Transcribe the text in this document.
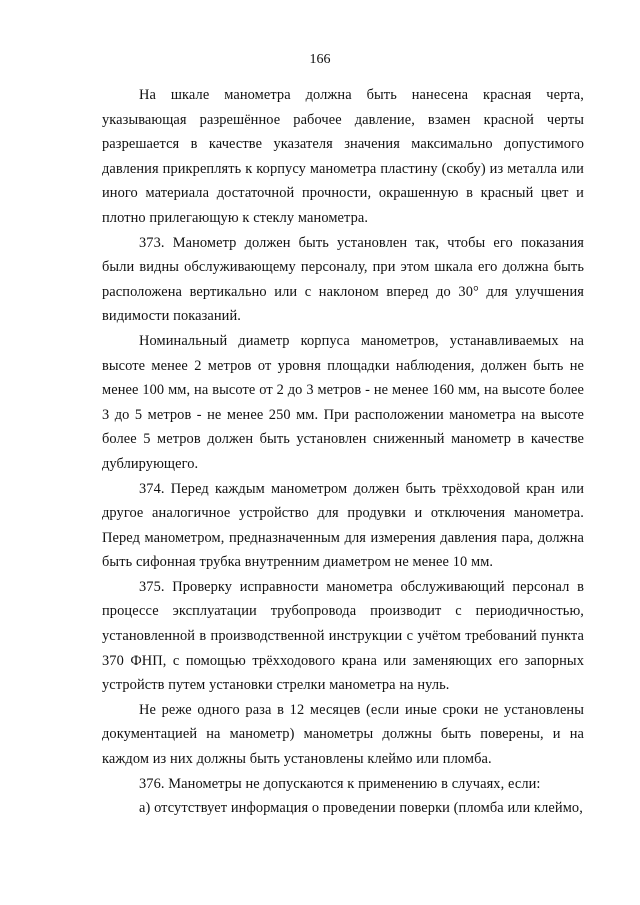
166

На шкале манометра должна быть нанесена красная черта, указывающая разрешённое рабочее давление, взамен красной черты разрешается в качестве указателя значения максимально допустимого давления прикреплять к корпусу манометра пластину (скобу) из металла или иного материала достаточной прочности, окрашенную в красный цвет и плотно прилегающую к стеклу манометра.

373. Манометр должен быть установлен так, чтобы его показания были видны обслуживающему персоналу, при этом шкала его должна быть расположена вертикально или с наклоном вперед до 30° для улучшения видимости показаний.

Номинальный диаметр корпуса манометров, устанавливаемых на высоте менее 2 метров от уровня площадки наблюдения, должен быть не менее 100 мм, на высоте от 2 до 3 метров - не менее 160 мм, на высоте более 3 до 5 метров - не менее 250 мм. При расположении манометра на высоте более 5 метров должен быть установлен сниженный манометр в качестве дублирующего.

374. Перед каждым манометром должен быть трёхходовой кран или другое аналогичное устройство для продувки и отключения манометра. Перед манометром, предназначенным для измерения давления пара, должна быть сифонная трубка внутренним диаметром не менее 10 мм.

375. Проверку исправности манометра обслуживающий персонал в процессе эксплуатации трубопровода производит с периодичностью, установленной в производственной инструкции с учётом требований пункта 370 ФНП, с помощью трёхходового крана или заменяющих его запорных устройств путем установки стрелки манометра на нуль.

Не реже одного раза в 12 месяцев (если иные сроки не установлены документацией на манометр) манометры должны быть поверены, и на каждом из них должны быть установлены клеймо или пломба.

376. Манометры не допускаются к применению в случаях, если:

а) отсутствует информация о проведении поверки (пломба или клеймо,
